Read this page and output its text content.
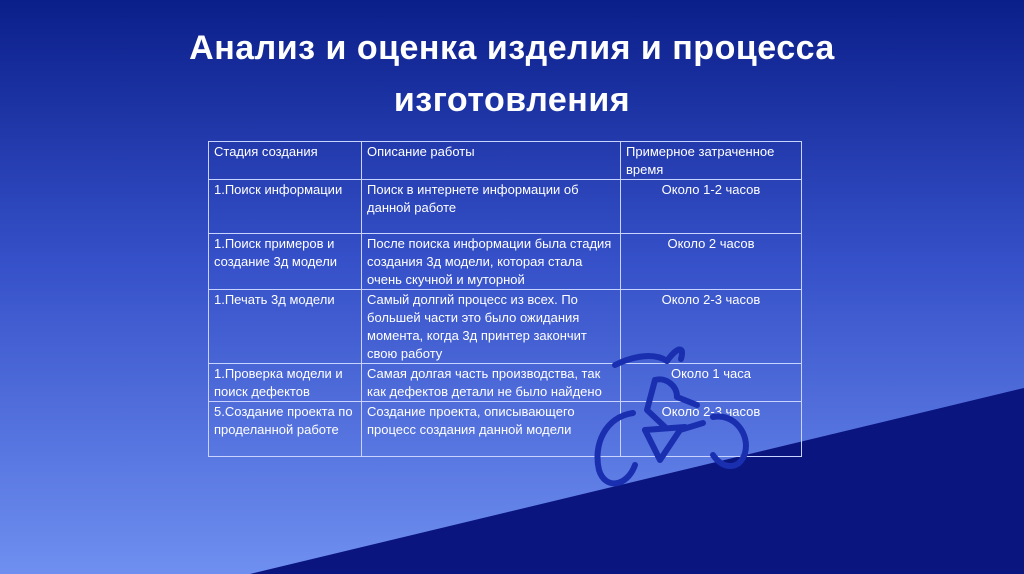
Анализ и оценка изделия и процесса изготовления
Стадия создания	Описание работы	Примерное затраченное время
1.Поиск информации	Поиск в интернете информации об данной работе	Около 1-2 часов
1.Поиск примеров и создание 3д модели	После поиска информации была стадия создания 3д модели, которая стала очень скучной и муторной	Около 2 часов
1.Печать 3д модели	Самый долгий процесс из всех. По большей части это было ожидания момента, когда 3д принтер закончит свою работу	Около 2-3 часов
1.Проверка модели и поиск дефектов	Самая долгая часть производства, так как дефектов детали не было найдено	Около 1 часа
5.Создание проекта по проделанной работе	Создание проекта, описывающего процесс создания данной модели	Около 2-3 часов
